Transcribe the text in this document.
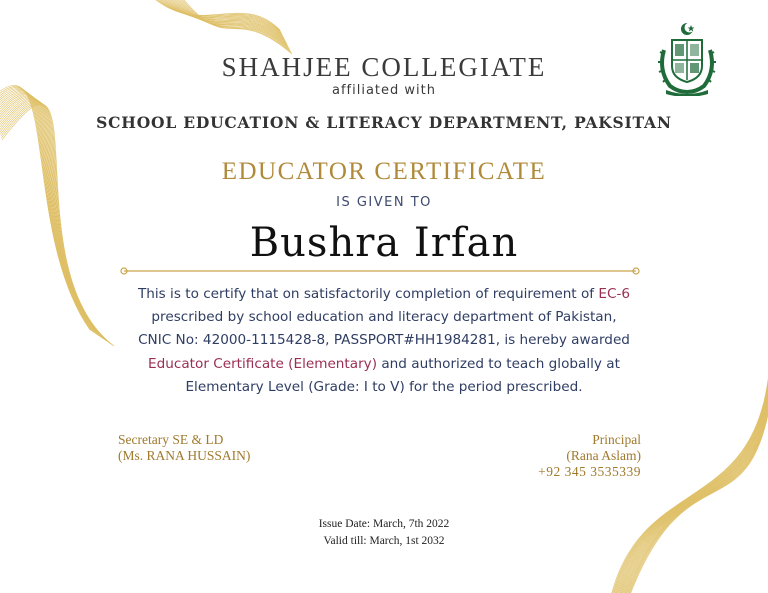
SHAHJEE COLLEGIATE
affiliated with
SCHOOL EDUCATION & LITERACY DEPARTMENT, PAKSITAN
EDUCATOR CERTIFICATE
IS GIVEN TO
Bushra Irfan
This is to certify that on satisfactorily completion of requirement of EC-6
prescribed by school education and literacy department of Pakistan,
CNIC No: 42000-1115428-8, PASSPORT#HH1984281, is hereby awarded
Educator Certificate (Elementary) and authorized to teach globally at
Elementary Level (Grade: I to V) for the period prescribed.
Secretary SE & LD
(Ms. RANA HUSSAIN)
Principal
(Rana Aslam)
+92 345 3535339
Issue Date: March, 7th 2022
Valid till: March, 1st 2032
